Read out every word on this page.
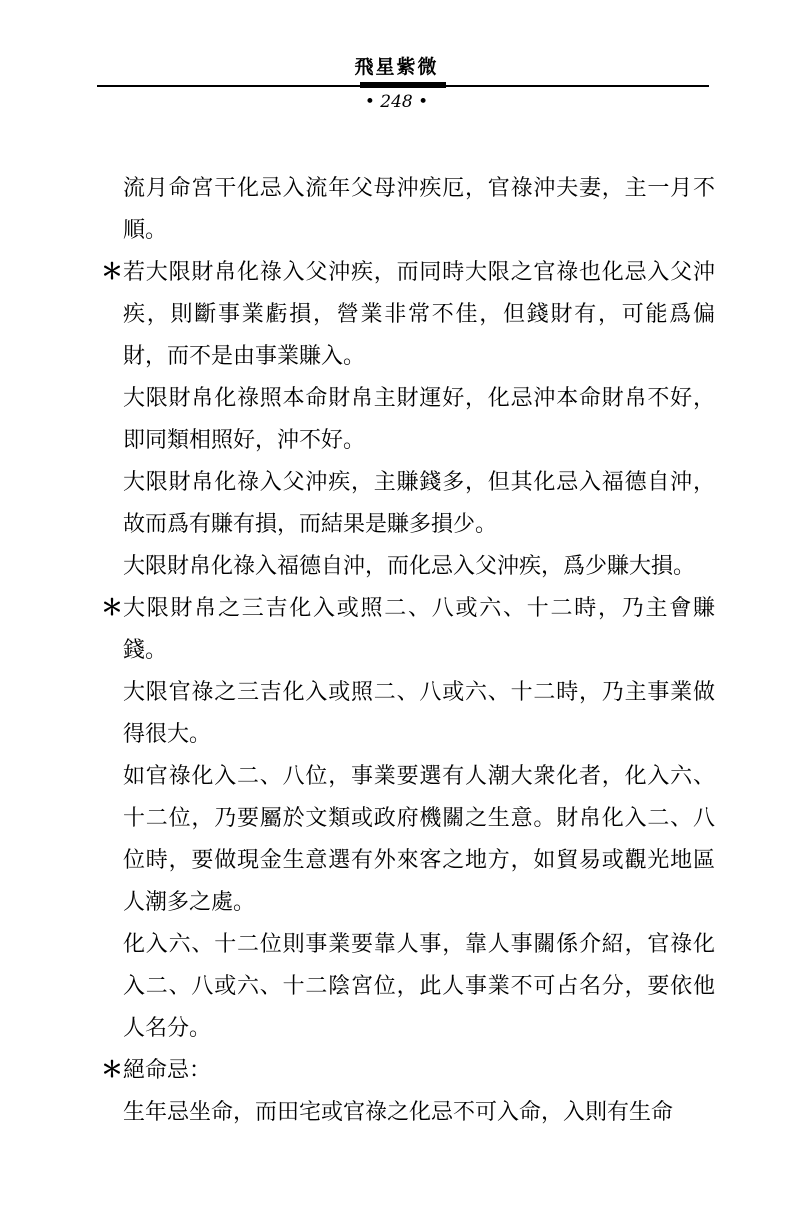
飛星紫微
• 248 •
流月命宮干化忌入流年父母沖疾厄，官祿沖夫妻，主一月不順。
＊ 若大限財帛化祿入父沖疾，而同時大限之官祿也化忌入父沖疾，則斷事業虧損，營業非常不佳，但錢財有，可能爲偏財，而不是由事業賺入。
大限財帛化祿照本命財帛主財運好，化忌沖本命財帛不好，即同類相照好，沖不好。
大限財帛化祿入父沖疾，主賺錢多，但其化忌入福德自沖，故而爲有賺有損，而結果是賺多損少。
大限財帛化祿入福德自沖，而化忌入父沖疾，爲少賺大損。
＊ 大限財帛之三吉化入或照二、八或六、十二時，乃主會賺錢。
大限官祿之三吉化入或照二、八或六、十二時，乃主事業做得很大。
如官祿化入二、八位，事業要選有人潮大衆化者，化入六、十二位，乃要屬於文類或政府機關之生意。財帛化入二、八位時，要做現金生意選有外來客之地方，如貿易或觀光地區人潮多之處。
化入六、十二位則事業要靠人事，靠人事關係介紹，官祿化入二、八或六、十二陰宮位，此人事業不可占名分，要依他人名分。
＊ 絕命忌：
生年忌坐命，而田宅或官祿之化忌不可入命，入則有生命
